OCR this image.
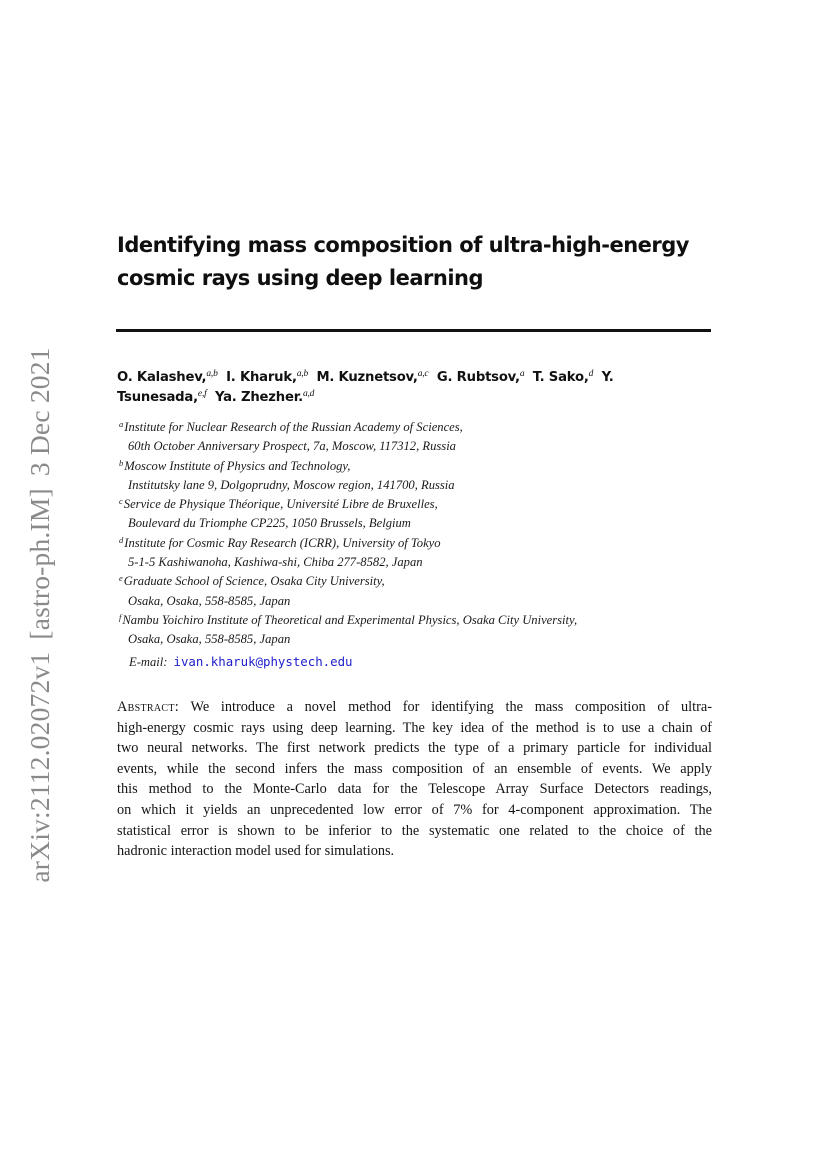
arXiv:2112.02072v1[astro-ph.IM]3 Dec 2021
Identifying mass composition of ultra-high-energy
cosmic rays using deep learning
O. Kalashev,$^{a,b}$ I. Kharuk,$^{a,b}$ M. Kuznetsov,$^{a,c}$ G. Rubtsov,$^a$ T. Sako,$^d$ Y.
Tsunesada,$^{e,f}$ Ya. Zhezher.$^{a,d}$
$^a$Institute for Nuclear Research of the Russian Academy of Sciences,
60th October Anniversary Prospect, 7a, Moscow, 117312, Russia
$^b$Moscow Institute of Physics and Technology,
Institutsky lane 9, Dolgoprudny, Moscow region, 141700, Russia
$^c$Service de Physique Théorique, Université Libre de Bruxelles,
Boulevard du Triomphe CP225, 1050 Brussels, Belgium
$^d$Institute for Cosmic Ray Research (ICRR), University of Tokyo
5-1-5 Kashiwanoha, Kashiwa-shi, Chiba 277-8582, Japan
$^e$Graduate School of Science, Osaka City University,
Osaka, Osaka, 558-8585, Japan
$^f$Nambu Yoichiro Institute of Theoretical and Experimental Physics, Osaka City University,
Osaka, Osaka, 558-8585, Japan
E-mail: ivan.kharuk@phystech.edu
Abstract: We introduce a novel method for identifying the mass composition of ultra-
high-energy cosmic rays using deep learning. The key idea of the method is to use a chain of
two neural networks. The first network predicts the type of a primary particle for individual
events, while the second infers the mass composition of an ensemble of events. We apply
this method to the Monte-Carlo data for the Telescope Array Surface Detectors readings,
on which it yields an unprecedented low error of 7% for 4-component approximation. The
statistical error is shown to be inferior to the systematic one related to the choice of the
hadronic interaction model used for simulations.
